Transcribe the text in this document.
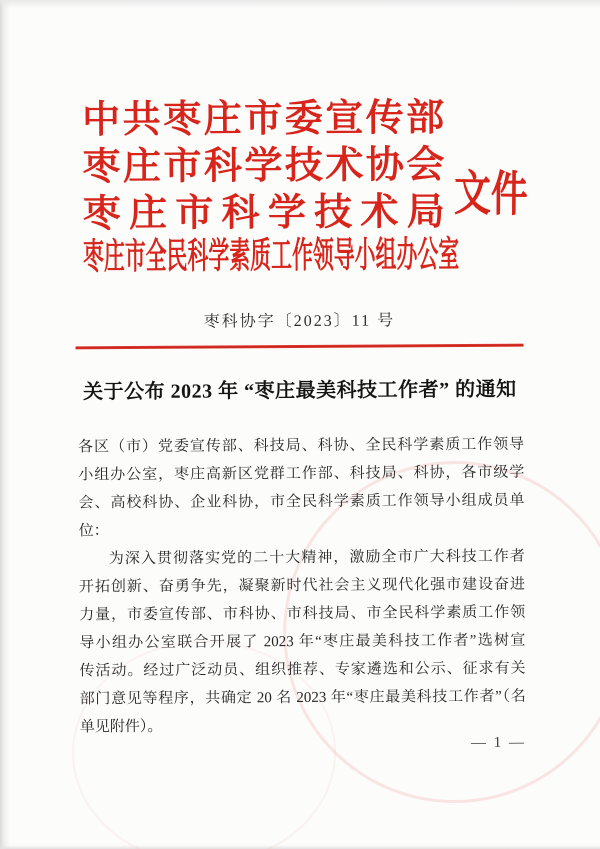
中共枣庄市委宣传部
枣庄市科学技术协会
枣庄市科学技术局
枣庄市全民科学素质工作领导小组办公室
文件
枣科协字〔2023〕11 号
关于公布 2023 年 “枣庄最美科技工作者” 的通知
各区（市）党委宣传部、科技局、科协、全民科学素质工作领导
小组办公室，枣庄高新区党群工作部、科技局、科协，各市级学
会、高校科协、企业科协，市全民科学素质工作领导小组成员单
位：
为深入贯彻落实党的二十大精神，激励全市广大科技工作者
开拓创新、奋勇争先，凝聚新时代社会主义现代化强市建设奋进
力量，市委宣传部、市科协、市科技局、市全民科学素质工作领
导小组办公室联合开展了 2023 年“枣庄最美科技工作者”选树宣
传活动。经过广泛动员、组织推荐、专家遴选和公示、征求有关
部门意见等程序，共确定 20 名 2023 年“枣庄最美科技工作者”（名
单见附件）。
— 1 —
